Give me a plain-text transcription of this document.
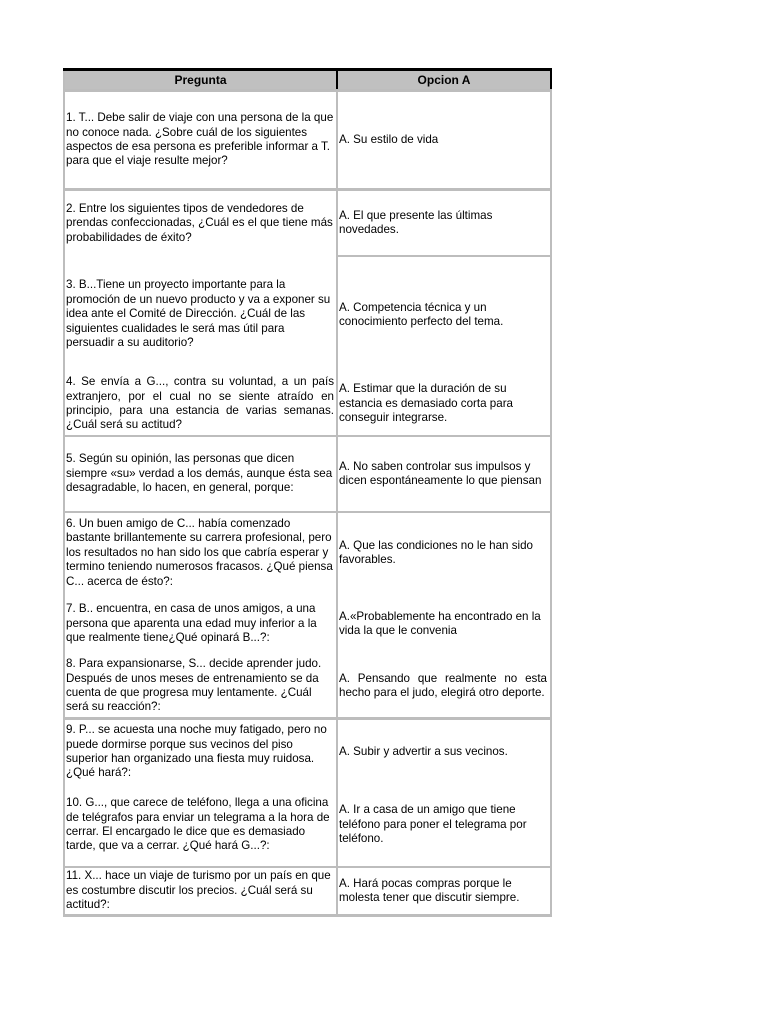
Pregunta	Opcion A
1. T... Debe salir de viaje con una persona de la que no conoce nada. ¿Sobre cuál de los siguientes aspectos de esa persona es preferible informar a T. para que el viaje resulte mejor?	A. Su estilo de vida
2. Entre los siguientes tipos de vendedores de prendas confeccionadas, ¿Cuál es el que tiene más probabilidades de éxito?	A. El que presente las últimas novedades.
3. B...Tiene un proyecto importante para la promoción de un nuevo producto y va a exponer su idea ante el Comité de Dirección. ¿Cuál de las siguientes cualidades le será mas útil para persuadir a su auditorio?	A. Competencia técnica y un conocimiento perfecto del tema.
4. Se envía a G..., contra su voluntad, a un país extranjero, por el cual no se siente atraído en principio, para una estancia de varias semanas. ¿Cuál será su actitud?	A. Estimar que la duración de su estancia es demasiado corta para conseguir integrarse.
5. Según su opinión, las personas que dicen siempre «su» verdad a los demás, aunque ésta sea desagradable, lo hacen, en general, porque:	A. No saben controlar sus impulsos y dicen espontáneamente lo que piensan
6. Un buen amigo de C... había comenzado bastante brillantemente su carrera profesional, pero los resultados no han sido los que cabría esperar y termino teniendo numerosos fracasos. ¿Qué piensa C... acerca de ésto?:	A. Que las condiciones no le han sido favorables.
7. B.. encuentra, en casa de unos amigos, a una persona que aparenta una edad muy inferior a la que realmente tiene¿Qué opinará B...?:	A.«Probablemente ha encontrado en la vida la que le convenia
8. Para expansionarse, S... decide aprender judo. Después de unos meses de entrenamiento se da cuenta de que progresa muy lentamente. ¿Cuál será su reacción?:	A. Pensando que realmente no esta hecho para el judo, elegirá otro deporte.
9. P... se acuesta una noche muy fatigado, pero no puede dormirse porque sus vecinos del piso superior han organizado una fiesta muy ruidosa. ¿Qué hará?:	A. Subir y advertir a sus vecinos.
10. G..., que carece de teléfono, llega a una oficina de telégrafos para enviar un telegrama a la hora de cerrar. El encargado le dice que es demasiado tarde, que va a cerrar. ¿Qué hará G...?:	A. Ir a casa de un amigo que tiene teléfono para poner el telegrama por teléfono.
11. X... hace un viaje de turismo por un país en que es costumbre discutir los precios. ¿Cuál será su actitud?:	A. Hará pocas compras porque le molesta tener que discutir siempre.
